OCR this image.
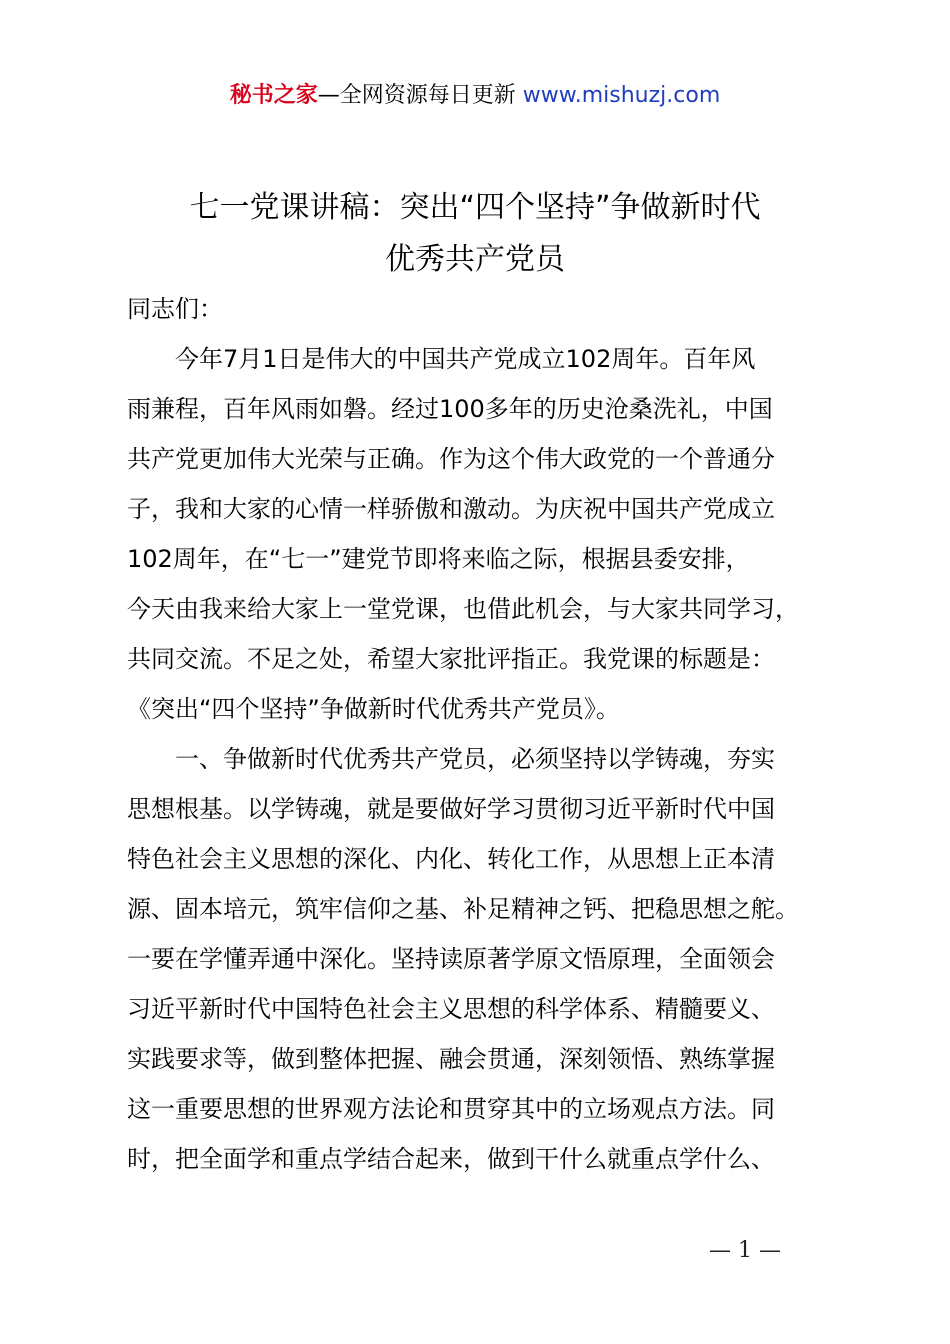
秘书之家—全网资源每日更新 www.mishuzj.com
七一党课讲稿：突出“四个坚持”争做新时代
优秀共产党员
同志们：
今年7月1日是伟大的中国共产党成立102周年。百年风
雨兼程，百年风雨如磐。经过100多年的历史沧桑洗礼，中国
共产党更加伟大光荣与正确。作为这个伟大政党的一个普通分
子，我和大家的心情一样骄傲和激动。为庆祝中国共产党成立
102周年，在“七一”建党节即将来临之际，根据县委安排，
今天由我来给大家上一堂党课，也借此机会，与大家共同学习，
共同交流。不足之处，希望大家批评指正。我党课的标题是：
《突出“四个坚持”争做新时代优秀共产党员》。
一、争做新时代优秀共产党员，必须坚持以学铸魂，夯实
思想根基。以学铸魂，就是要做好学习贯彻习近平新时代中国
特色社会主义思想的深化、内化、转化工作，从思想上正本清
源、固本培元，筑牢信仰之基、补足精神之钙、把稳思想之舵。
一要在学懂弄通中深化。坚持读原著学原文悟原理，全面领会
习近平新时代中国特色社会主义思想的科学体系、精髓要义、
实践要求等，做到整体把握、融会贯通，深刻领悟、熟练掌握
这一重要思想的世界观方法论和贯穿其中的立场观点方法。同
时，把全面学和重点学结合起来，做到干什么就重点学什么、
— 1 —
